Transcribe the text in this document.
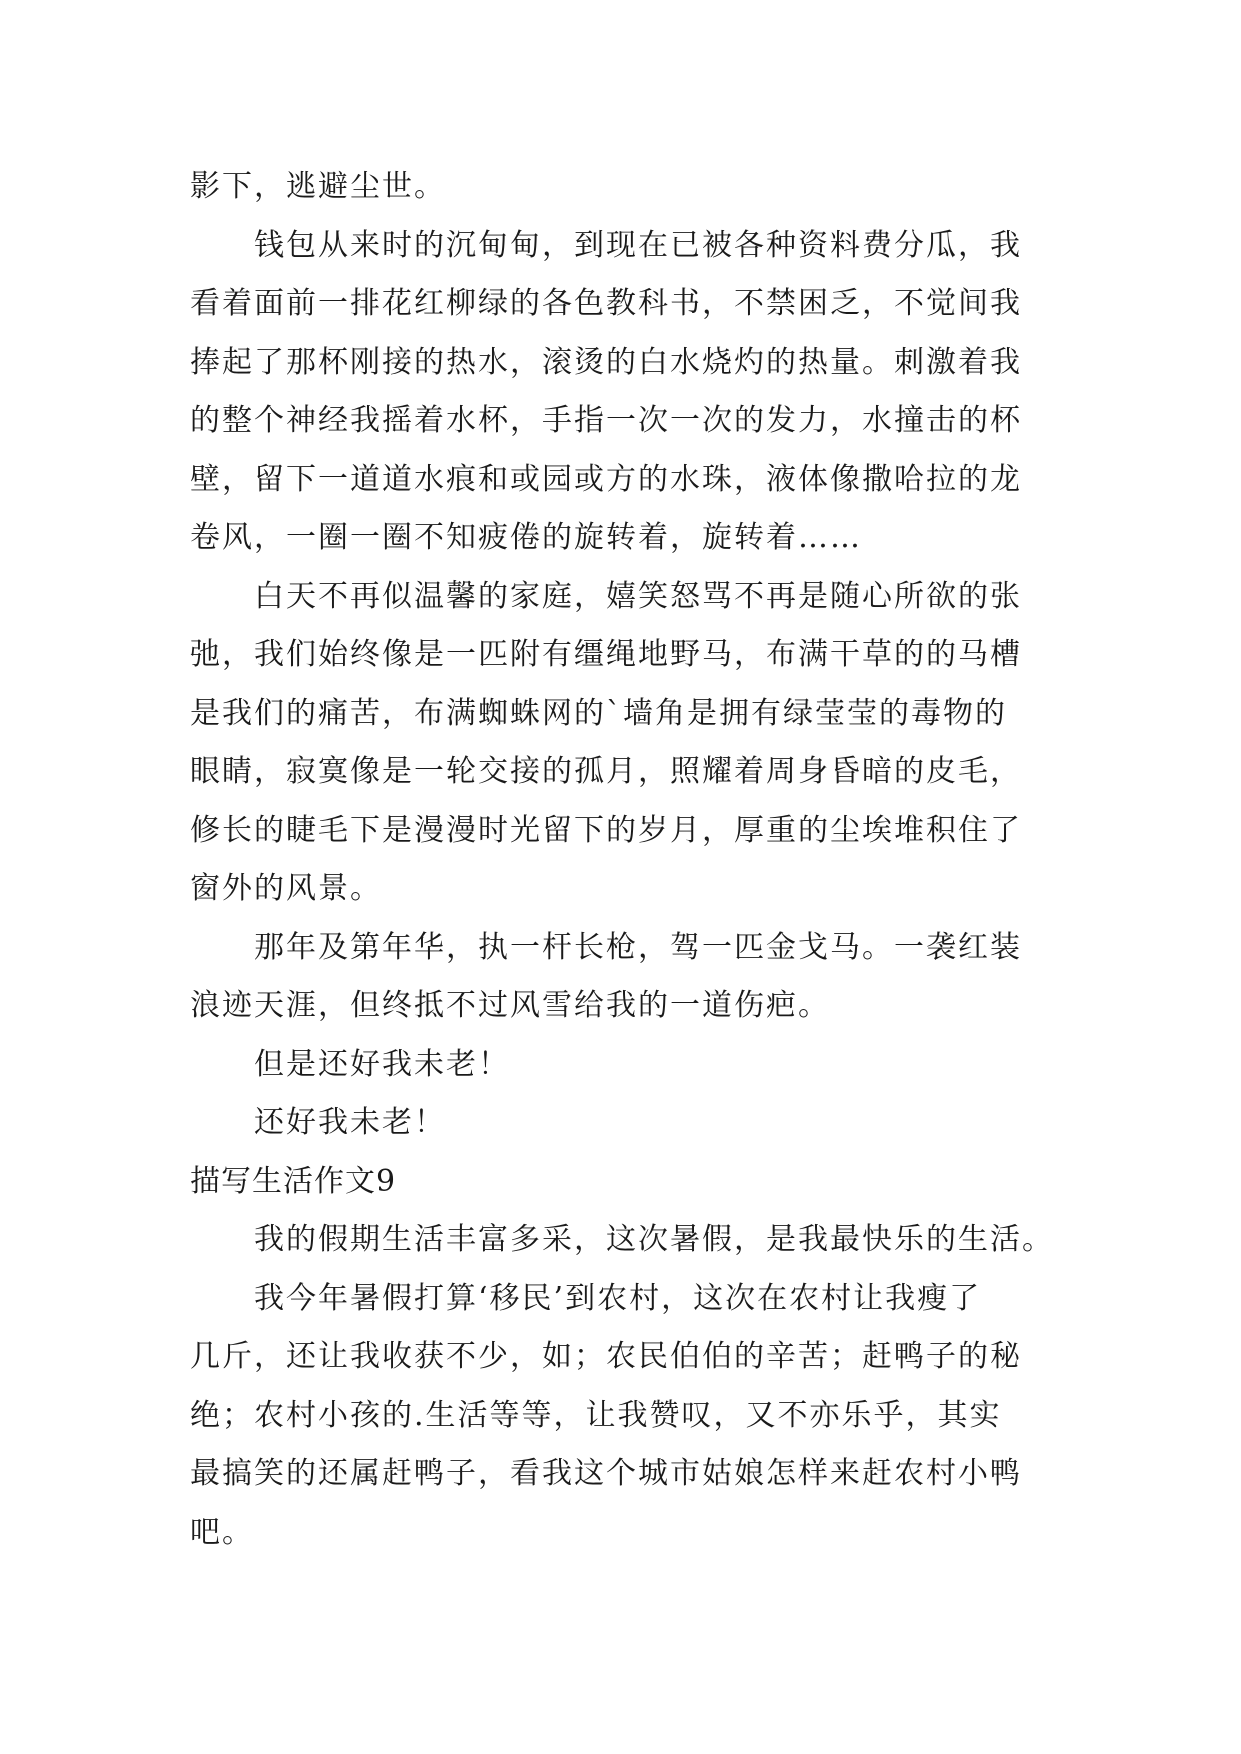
影下，逃避尘世。
钱包从来时的沉甸甸，到现在已被各种资料费分瓜，我
看着面前一排花红柳绿的各色教科书，不禁困乏，不觉间我
捧起了那杯刚接的热水，滚烫的白水烧灼的热量。刺激着我
的整个神经我摇着水杯，手指一次一次的发力，水撞击的杯
壁，留下一道道水痕和或园或方的水珠，液体像撒哈拉的龙
卷风，一圈一圈不知疲倦的旋转着，旋转着……
白天不再似温馨的家庭，嬉笑怒骂不再是随心所欲的张
弛，我们始终像是一匹附有缰绳地野马，布满干草的的马槽
是我们的痛苦，布满蜘蛛网的`墙角是拥有绿莹莹的毒物的
眼睛，寂寞像是一轮交接的孤月，照耀着周身昏暗的皮毛，
修长的睫毛下是漫漫时光留下的岁月，厚重的尘埃堆积住了
窗外的风景。
那年及第年华，执一杆长枪，驾一匹金戈马。一袭红装
浪迹天涯，但终抵不过风雪给我的一道伤疤。
但是还好我未老！
还好我未老！
描写生活作文9
我的假期生活丰富多采，这次暑假，是我最快乐的生活。
我今年暑假打算‘移民’到农村，这次在农村让我瘦了
几斤，还让我收获不少，如；农民伯伯的辛苦；赶鸭子的秘
绝；农村小孩的.生活等等，让我赞叹，又不亦乐乎，其实
最搞笑的还属赶鸭子，看我这个城市姑娘怎样来赶农村小鸭
吧。
